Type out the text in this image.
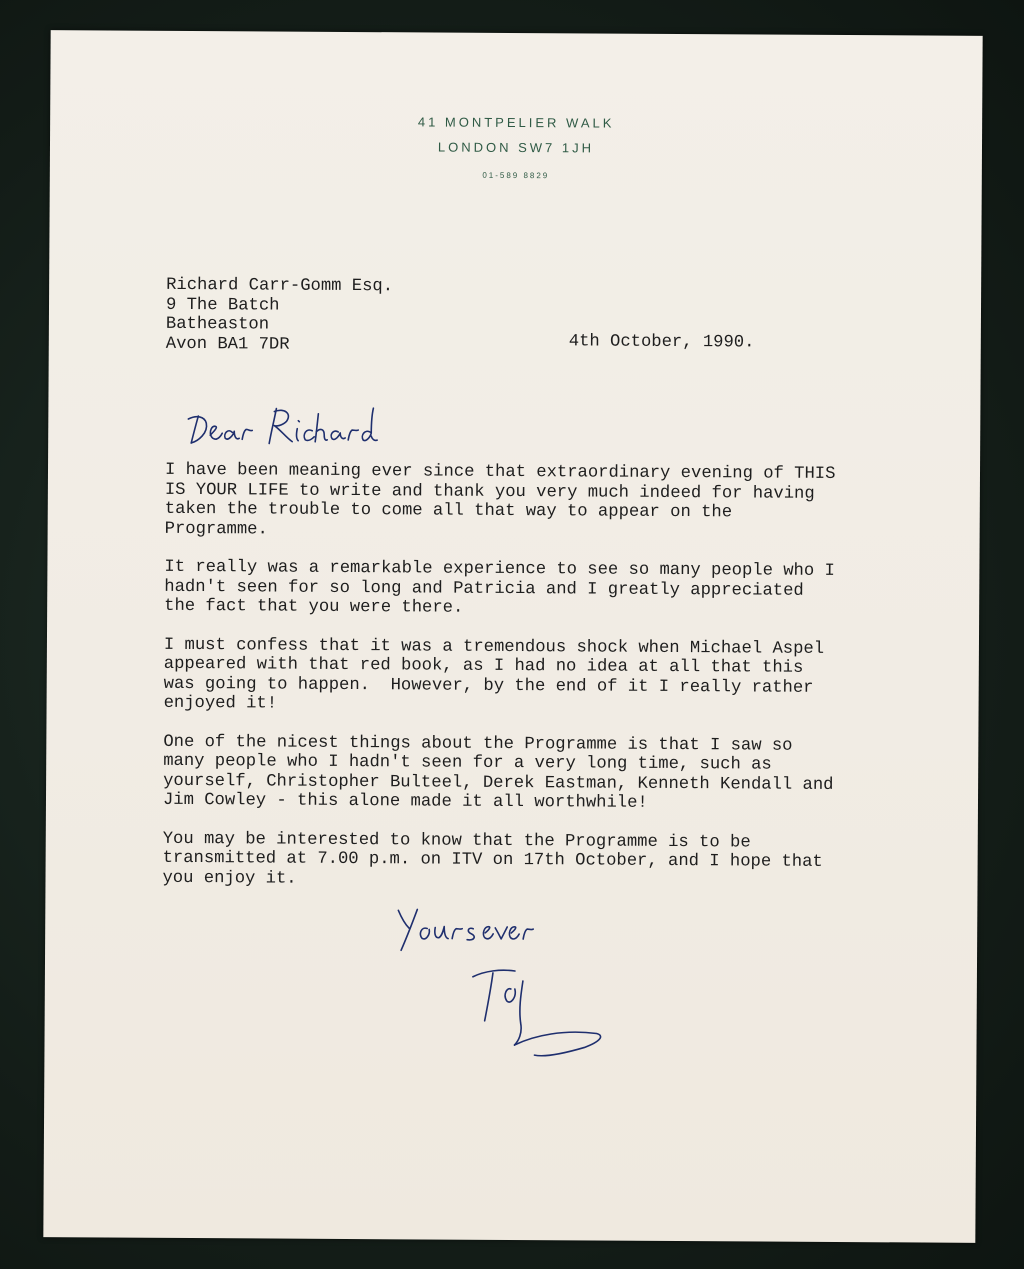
41 MONTPELIER WALK
LONDON SW7 1JH
01-589 8829
Richard Carr-Gomm Esq.
9 The Batch
Batheaston
Avon BA1 7DR	4th October, 1990.
I have been meaning ever since that extraordinary evening of THIS
IS YOUR LIFE to write and thank you very much indeed for having
taken the trouble to come all that way to appear on the
Programme.
It really was a remarkable experience to see so many people who I
hadn't seen for so long and Patricia and I greatly appreciated
the fact that you were there.
I must confess that it was a tremendous shock when Michael Aspel
appeared with that red book, as I had no idea at all that this
was going to happen.  However, by the end of it I really rather
enjoyed it!
One of the nicest things about the Programme is that I saw so
many people who I hadn't seen for a very long time, such as
yourself, Christopher Bulteel, Derek Eastman, Kenneth Kendall and
Jim Cowley - this alone made it all worthwhile!
You may be interested to know that the Programme is to be
transmitted at 7.00 p.m. on ITV on 17th October, and I hope that
you enjoy it.
